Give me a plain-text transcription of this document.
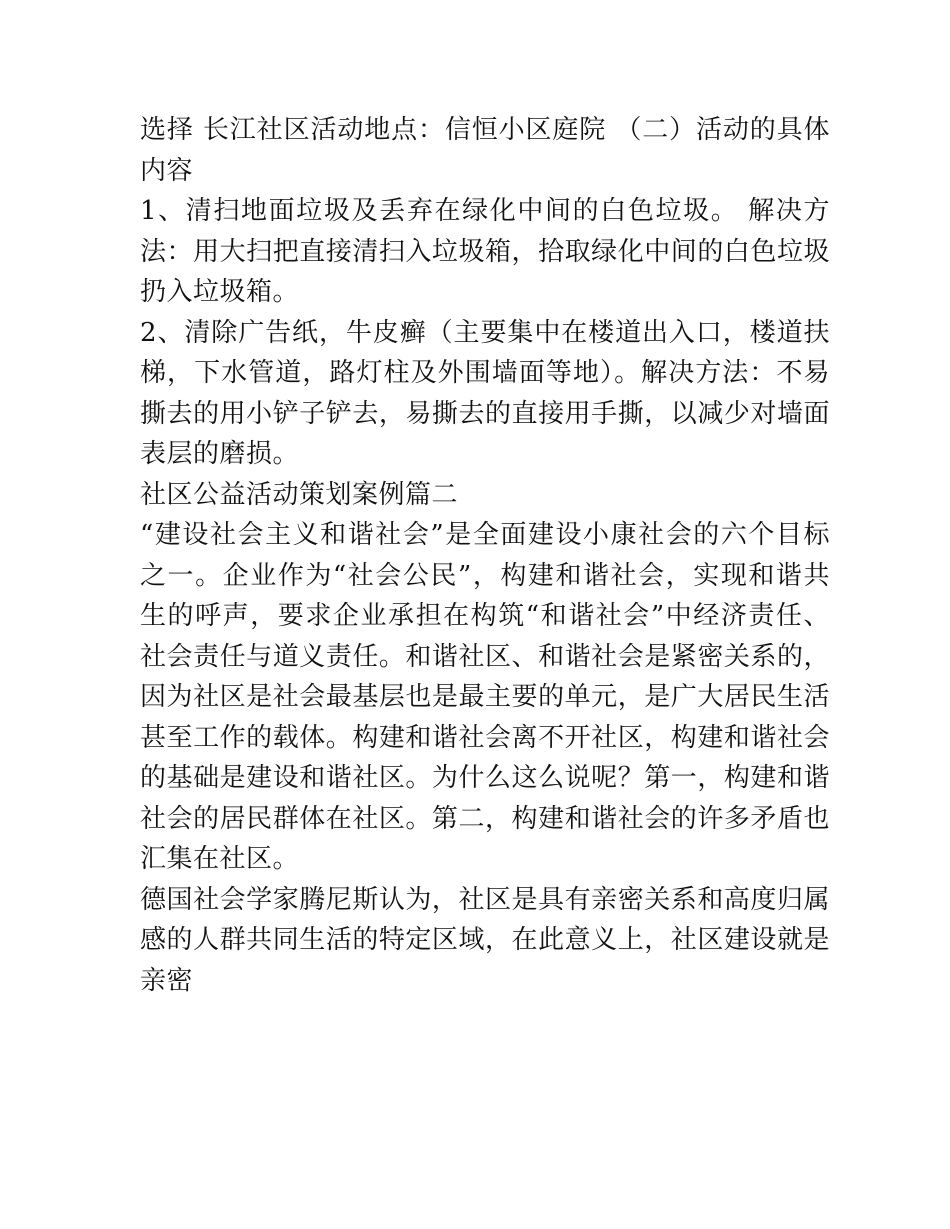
选择 长江社区活动地点：信恒小区庭院 （二）活动的具体内容

1、清扫地面垃圾及丢弃在绿化中间的白色垃圾。 解决方法：用大扫把直接清扫入垃圾箱，拾取绿化中间的白色垃圾扔入垃圾箱。

2、清除广告纸，牛皮癣（主要集中在楼道出入口，楼道扶梯，下水管道，路灯柱及外围墙面等地）。解决方法：不易撕去的用小铲子铲去，易撕去的直接用手撕，以减少对墙面表层的磨损。

社区公益活动策划案例篇二

“建设社会主义和谐社会”是全面建设小康社会的六个目标之一。企业作为“社会公民”，构建和谐社会，实现和谐共生的呼声，要求企业承担在构筑“和谐社会”中经济责任、社会责任与道义责任。和谐社区、和谐社会是紧密关系的，因为社区是社会最基层也是最主要的单元，是广大居民生活甚至工作的载体。构建和谐社会离不开社区，构建和谐社会的基础是建设和谐社区。为什么这么说呢？第一，构建和谐社会的居民群体在社区。第二，构建和谐社会的许多矛盾也汇集在社区。

德国社会学家腾尼斯认为，社区是具有亲密关系和高度归属感的人群共同生活的特定区域，在此意义上，社区建设就是亲密
